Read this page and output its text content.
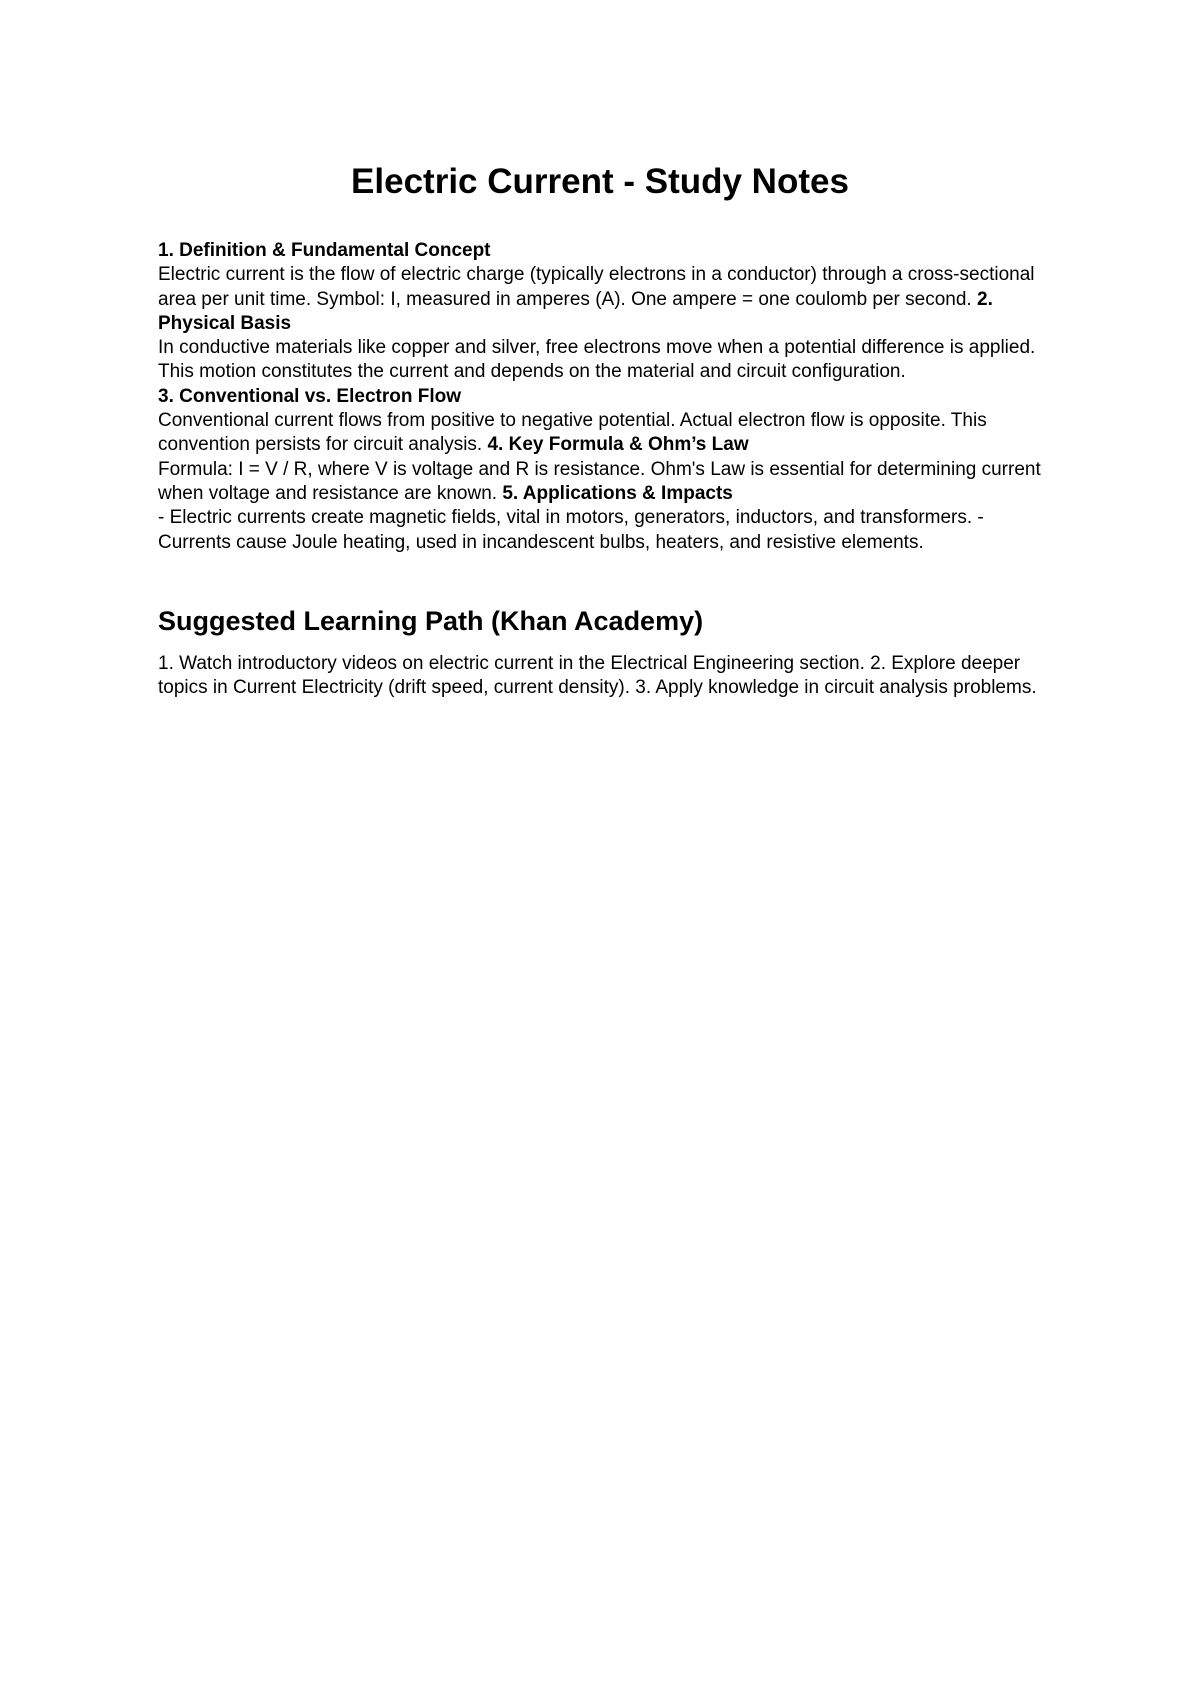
Electric Current - Study Notes

1. Definition & Fundamental Concept
Electric current is the flow of electric charge (typically electrons in a conductor) through a cross-sectional area per unit time. Symbol: I, measured in amperes (A). One ampere = one coulomb per second. 2. Physical Basis
In conductive materials like copper and silver, free electrons move when a potential difference is applied. This motion constitutes the current and depends on the material and circuit configuration.
3. Conventional vs. Electron Flow
Conventional current flows from positive to negative potential. Actual electron flow is opposite. This convention persists for circuit analysis. 4. Key Formula & Ohm’s Law
Formula: I = V / R, where V is voltage and R is resistance. Ohm's Law is essential for determining current when voltage and resistance are known. 5. Applications & Impacts
- Electric currents create magnetic fields, vital in motors, generators, inductors, and transformers. - Currents cause Joule heating, used in incandescent bulbs, heaters, and resistive elements.

Suggested Learning Path (Khan Academy)

1. Watch introductory videos on electric current in the Electrical Engineering section. 2. Explore deeper topics in Current Electricity (drift speed, current density). 3. Apply knowledge in circuit analysis problems.
